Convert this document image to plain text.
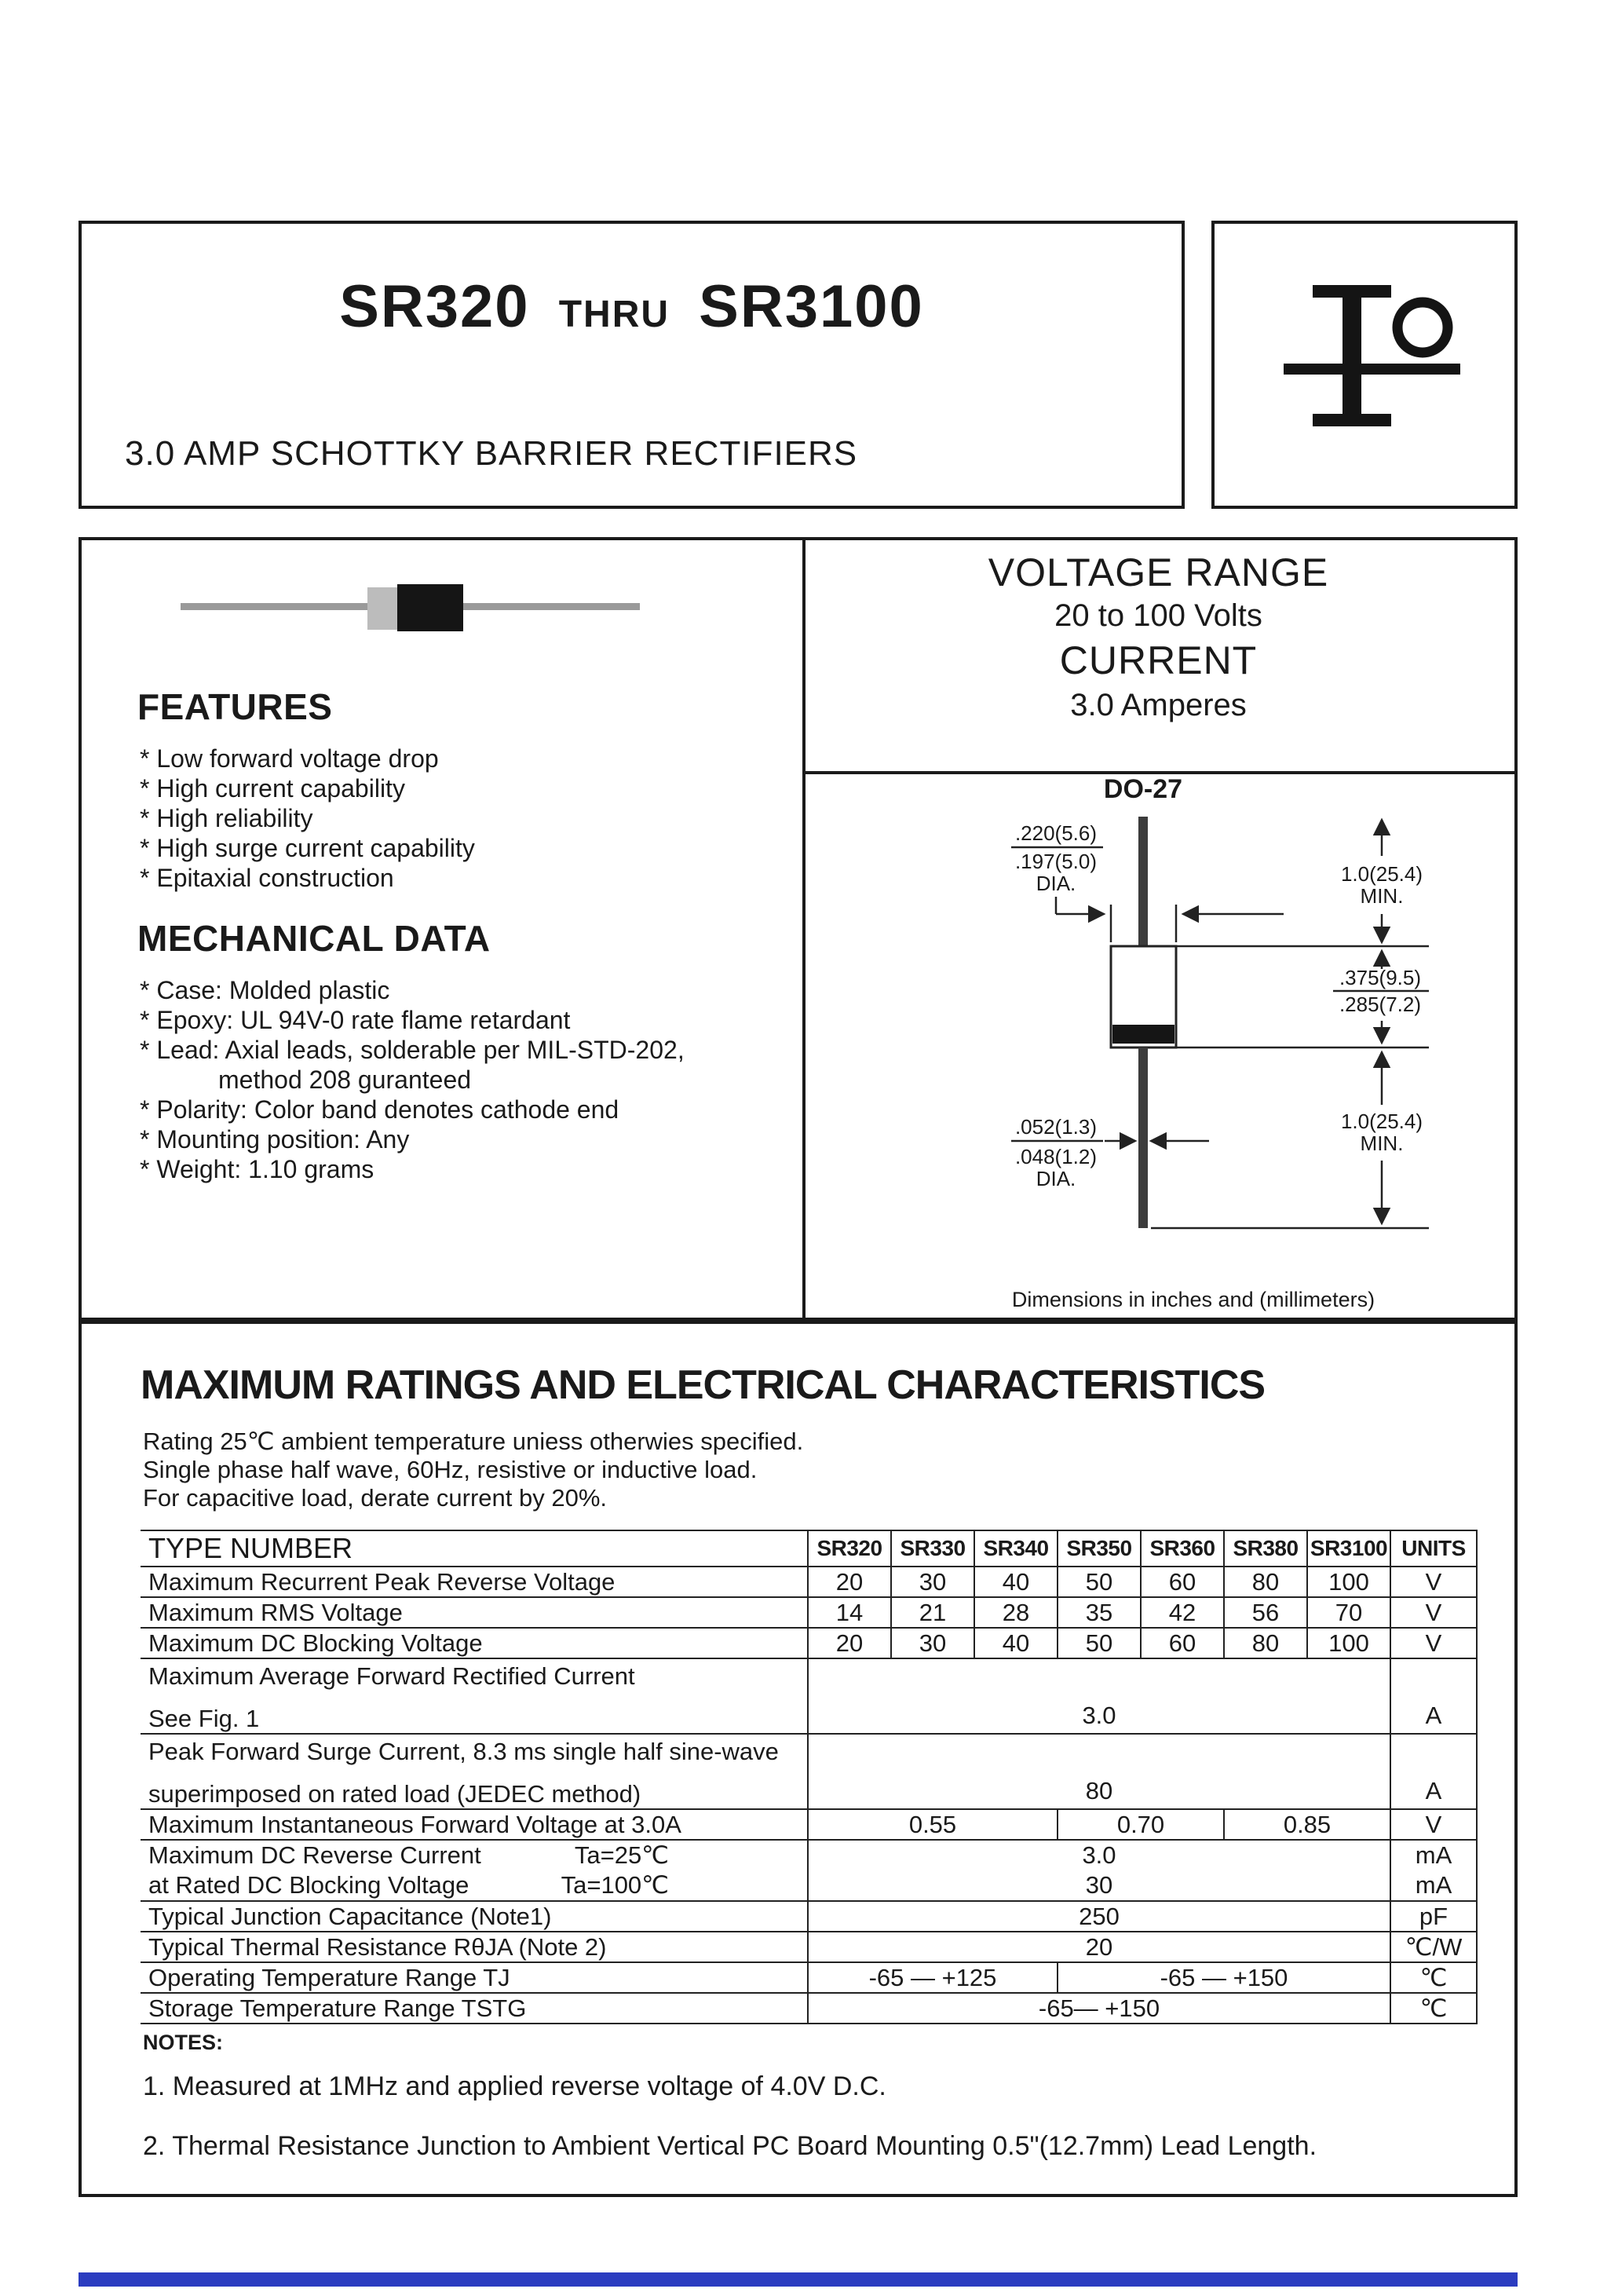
SR320 THRU SR3100
3.0 AMP SCHOTTKY BARRIER RECTIFIERS
FEATURES
* Low forward voltage drop
* High current capability
* High reliability
* High surge current capability
* Epitaxial construction
MECHANICAL DATA
* Case: Molded plastic
* Epoxy: UL 94V-0 rate flame retardant
* Lead: Axial leads, solderable per MIL-STD-202,
method 208 guranteed
* Polarity: Color band denotes cathode end
* Mounting position: Any
* Weight: 1.10 grams
VOLTAGE RANGE
20 to 100 Volts
CURRENT
3.0 Amperes
DO-27
.220(5.6)
.197(5.0)
DIA.	1.0(25.4)
MIN.
.375(9.5)
.285(7.2)
1.0(25.4)
MIN.
.052(1.3)
.048(1.2)
DIA.
Dimensions in inches and (millimeters)
MAXIMUM RATINGS AND ELECTRICAL CHARACTERISTICS
Rating 25℃ ambient temperature uniess otherwies specified.
Single phase half wave, 60Hz, resistive or inductive load.
For capacitive load, derate current by 20%.
TYPE NUMBER	SR320	SR330	SR340	SR350	SR360	SR380	SR3100	UNITS

Maximum Recurrent Peak Reverse Voltage	20	30	40	50	60	80	100	V

Maximum RMS Voltage	14	21	28	35	42	56	70	V

Maximum DC Blocking Voltage	20	30	40	50	60	80	100	V

Maximum Average Forward Rectified Current
See Fig. 1	3.0							A

Peak Forward Surge Current, 8.3 ms single half sine-wave
superimposed on rated load (JEDEC method)	80							A

Maximum Instantaneous Forward Voltage at 3.0A	0.55			0.70		0.85		V

Maximum DC Reverse Current Ta=25℃	3.0							mA

at Rated DC Blocking Voltage Ta=100℃	30							mA

Typical Junction Capacitance (Note1)	250							pF

Typical Thermal Resistance RθJA (Note 2)	20							℃/W

Operating Temperature Range TJ	-65 — +125			-65 — +150				℃

Storage Temperature Range TSTG	-65— +150							℃
NOTES:
1. Measured at 1MHz and applied reverse voltage of 4.0V D.C.
2. Thermal Resistance Junction to Ambient Vertical PC Board Mounting 0.5"(12.7mm) Lead Length.
